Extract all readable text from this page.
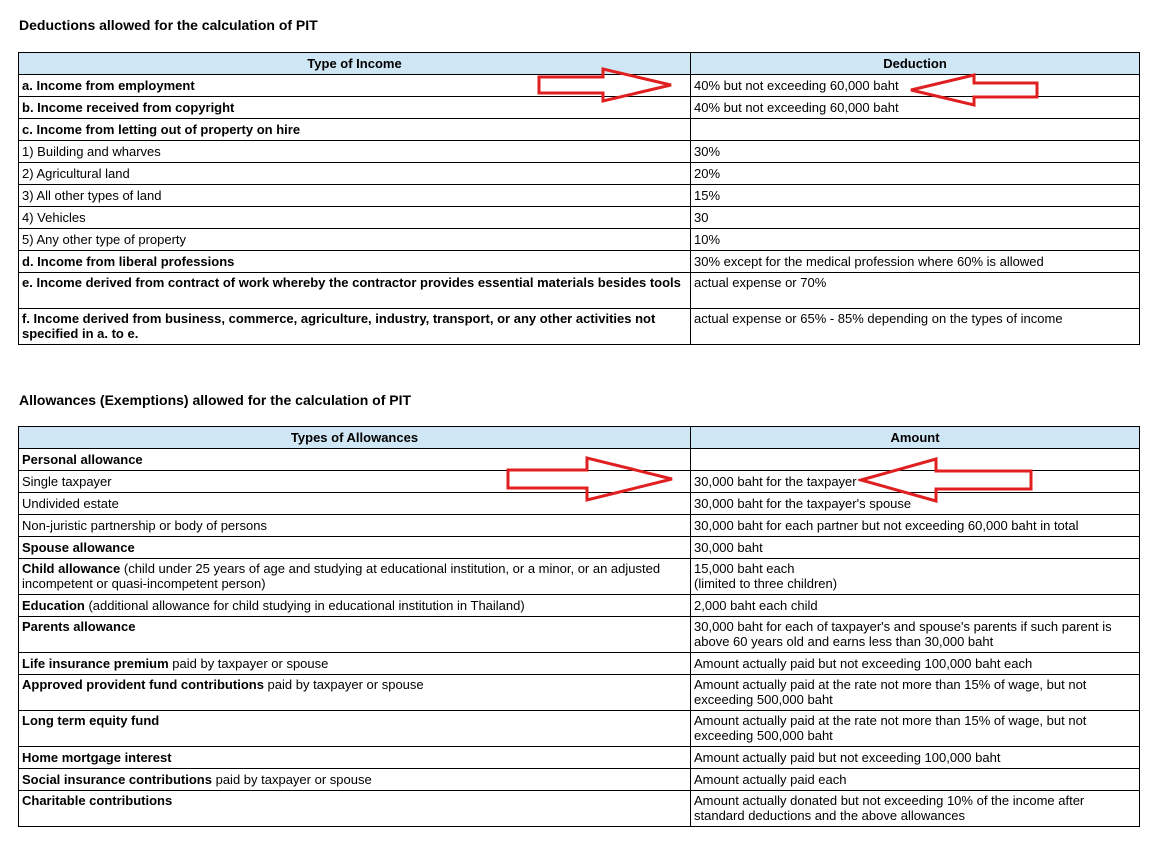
Deductions allowed for the calculation of PIT
Type of Income	Deduction
a. Income from employment	40% but not exceeding 60,000 baht
b. Income received from copyright	40% but not exceeding 60,000 baht
c. Income from letting out of property on hire	
1) Building and wharves	30%
2) Agricultural land	20%
3) All other types of land	15%
4) Vehicles	30
5) Any other type of property	10%
d. Income from liberal professions	30% except for the medical profession where 60% is allowed
e. Income derived from contract of work whereby the contractor provides essential materials besides tools	actual expense or 70%
f. Income derived from business, commerce, agriculture, industry, transport, or any other activities not specified in a. to e.	actual expense or 65% - 85% depending on the types of income
Allowances (Exemptions) allowed for the calculation of PIT
Types of Allowances	Amount
Personal allowance	
Single taxpayer	30,000 baht for the taxpayer
Undivided estate	30,000 baht for the taxpayer's spouse
Non-juristic partnership or body of persons	30,000 baht for each partner but not exceeding 60,000 baht in total
Spouse allowance	30,000 baht
Child allowance (child under 25 years of age and studying at educational institution, or a minor, or an adjusted incompetent or quasi-incompetent person)	15,000 baht each
(limited to three children)

Education (additional allowance for child studying in educational institution in Thailand)	2,000 baht each child
Parents allowance	30,000 baht for each of taxpayer's and spouse's parents if such parent is above 60 years old and earns less than 30,000 baht
Life insurance premium paid by taxpayer or spouse	Amount actually paid but not exceeding 100,000 baht each
Approved provident fund contributions paid by taxpayer or spouse	Amount actually paid at the rate not more than 15% of wage, but not exceeding 500,000 baht
Long term equity fund	Amount actually paid at the rate not more than 15% of wage, but not exceeding 500,000 baht
Home mortgage interest	Amount actually paid but not exceeding 100,000 baht
Social insurance contributions paid by taxpayer or spouse	Amount actually paid each
Charitable contributions	Amount actually donated but not exceeding 10% of the income after standard deductions and the above allowances
